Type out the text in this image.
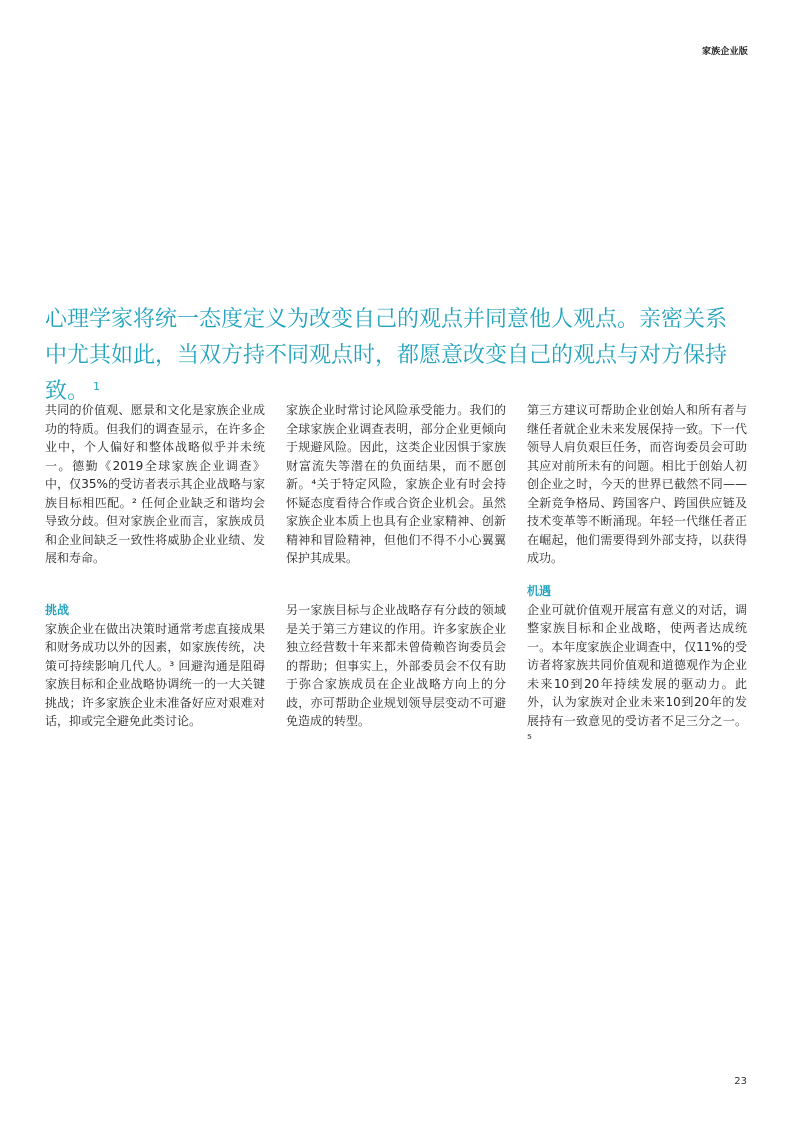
家族企业版
心理学家将统一态度定义为改变自己的观点并同意他人观点。亲密关系中尤其如此，当双方持不同观点时，都愿意改变自己的观点与对方保持致。 $^1$

共同的价值观、愿景和文化是家族企业成功的特质。但我们的调查显示，在许多企业中，个人偏好和整体战略似乎并未统一。德勤《2019全球家族企业调查》中，仅35%的受访者表示其企业战略与家族目标相匹配。² 任何企业缺乏和谐均会导致分歧。但对家族企业而言，家族成员和企业间缺乏一致性将威胁企业业绩、发展和寿命。

挑战

家族企业在做出决策时通常考虑直接成果和财务成功以外的因素，如家族传统，决策可持续影响几代人。³ 回避沟通是阻碍家族目标和企业战略协调统一的一大关键挑战；许多家族企业未准备好应对艰难对话，抑或完全避免此类讨论。

家族企业时常讨论风险承受能力。我们的全球家族企业调查表明，部分企业更倾向于规避风险。因此，这类企业因惧于家族财富流失等潜在的负面结果，而不愿创新。⁴关于特定风险，家族企业有时会持怀疑态度看待合作或合资企业机会。虽然家族企业本质上也具有企业家精神、创新精神和冒险精神，但他们不得不小心翼翼保护其成果。

另一家族目标与企业战略存有分歧的领域是关于第三方建议的作用。许多家族企业独立经营数十年来都未曾倚赖咨询委员会的帮助；但事实上，外部委员会不仅有助于弥合家族成员在企业战略方向上的分歧，亦可帮助企业规划领导层变动不可避免造成的转型。

第三方建议可帮助企业创始人和所有者与继任者就企业未来发展保持一致。下一代领导人肩负艰巨任务，而咨询委员会可助其应对前所未有的问题。相比于创始人初创企业之时，今天的世界已截然不同——全新竞争格局、跨国客户、跨国供应链及技术变革等不断涌现。年轻一代继任者正在崛起，他们需要得到外部支持，以获得成功。

机遇

企业可就价值观开展富有意义的对话，调整家族目标和企业战略，使两者达成统一。本年度家族企业调查中，仅11%的受访者将家族共同价值观和道德观作为企业未来10到20年持续发展的驱动力。此外，认为家族对企业未来10到20年的发展持有一致意见的受访者不足三分之一。⁵

23
